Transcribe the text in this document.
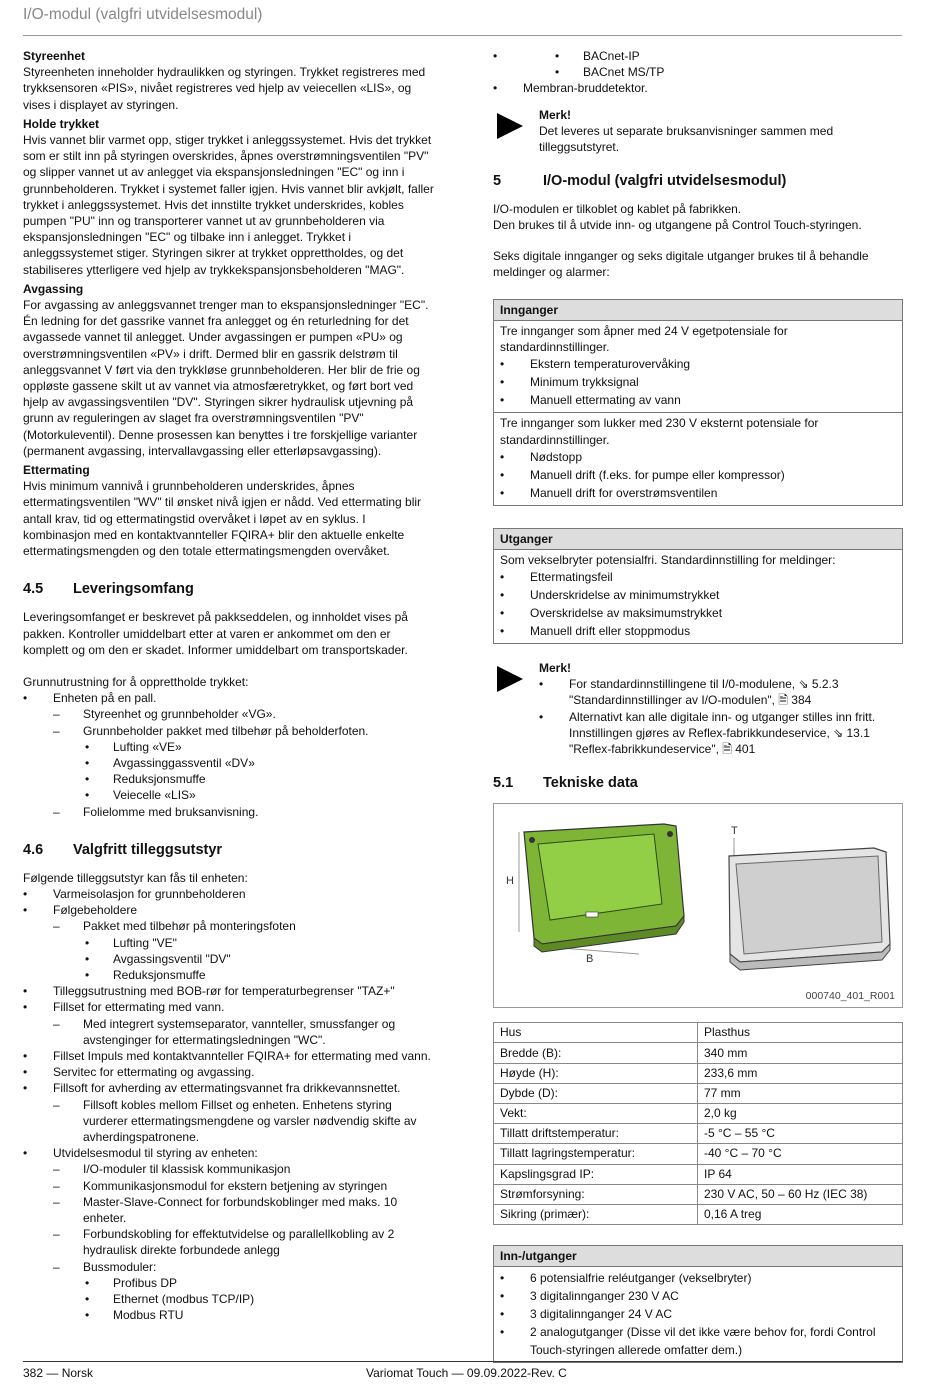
I/O-modul (valgfri utvidelsesmodul)
Styreenhet

Styreenheten inneholder hydraulikken og styringen. Trykket registreres med trykksensoren «PIS», nivået registreres ved hjelp av veiecellen «LIS», og vises i displayet av styringen.

Holde trykket

Hvis vannet blir varmet opp, stiger trykket i anleggssystemet. Hvis det trykket som er stilt inn på styringen overskrides, åpnes overstrømningsventilen "PV" og slipper vannet ut av anlegget via ekspansjonsledningen "EC" og inn i grunnbeholderen. Trykket i systemet faller igjen. Hvis vannet blir avkjølt, faller trykket i anleggssystemet. Hvis det innstilte trykket underskrides, kobles pumpen "PU" inn og transporterer vannet ut av grunnbeholderen via ekspansjonsledningen "EC" og tilbake inn i anlegget. Trykket i anleggssystemet stiger. Styringen sikrer at trykket opprettholdes, og det stabiliseres ytterligere ved hjelp av trykkekspansjonsbeholderen "MAG".

Avgassing

For avgassing av anleggsvannet trenger man to ekspansjonsledninger "EC". Én ledning for det gassrike vannet fra anlegget og én returledning for det avgassede vannet til anlegget. Under avgassingen er pumpen «PU» og overstrømningsventilen «PV» i drift. Dermed blir en gassrik delstrøm til anleggsvannet V ført via den trykkløse grunnbeholderen. Her blir de frie og oppløste gassene skilt ut av vannet via atmosfæretrykket, og ført bort ved hjelp av avgassingsventilen "DV". Styringen sikrer hydraulisk utjevning på grunn av reguleringen av slaget fra overstrømningsventilen "PV" (Motorkuleventil). Denne prosessen kan benyttes i tre forskjellige varianter (permanent avgassing, intervallavgassing eller etterløpsavgassing).

Ettermating

Hvis minimum vannivå i grunnbeholderen underskrides, åpnes ettermatingsventilen "WV" til ønsket nivå igjen er nådd. Ved ettermating blir antall krav, tid og ettermatingstid overvåket i løpet av en syklus. I kombinasjon med en kontaktvannteller FQIRA+ blir den aktuelle enkelte ettermatingsmengden og den totale ettermatingsmengden overvåket.

4.5	Leveringsomfang

Leveringsomfanget er beskrevet på pakkseddelen, og innholdet vises på pakken. Kontroller umiddelbart etter at varen er ankommet om den er komplett og om den er skadet. Informer umiddelbart om transportskader.

Grunnutrustning for å opprettholde trykket:

• Enheten på en pall.
– Styreenhet og grunnbeholder «VG».
– Grunnbeholder pakket med tilbehør på beholderfoten.
• Lufting «VE»
• Avgassinggassventil «DV»
• Reduksjonsmuffe
• Veiecelle «LIS»
– Folielomme med bruksanvisning.
4.6	Valgfritt tilleggsutstyr

Følgende tilleggsutstyr kan fås til enheten:

• Varmeisolasjon for grunnbeholderen
• Følgebeholdere
– Pakket med tilbehør på monteringsfoten
• Lufting "VE"
• Avgassingsventil "DV"
• Reduksjonsmuffe
• Tilleggsutrustning med BOB-rør for temperaturbegrenser "TAZ+"
• Fillset for ettermating med vann.
– Med integrert systemseparator, vannteller, smussfanger og avstenginger for ettermatingsledningen "WC".
• Fillset Impuls med kontaktvannteller FQIRA+ for ettermating med vann.
• Servitec for ettermating og avgassing.
• Fillsoft for avherding av ettermatingsvannet fra drikkevannsnettet.
– Fillsoft kobles mellom Fillset og enheten. Enhetens styring vurderer ettermatingsmengdene og varsler nødvendig skifte av avherdingspatronene.
• Utvidelsesmodul til styring av enheten:
– I/O-moduler til klassisk kommunikasjon
– Kommunikasjonsmodul for ekstern betjening av styringen
– Master-Slave-Connect for forbundskoblinger med maks. 10 enheter.
– Forbundskobling for effektutvidelse og parallellkobling av 2 hydraulisk direkte forbundede anlegg
– Bussmoduler:
• Profibus DP
• Ethernet (modbus TCP/IP)
• Modbus RTU
• • BACnet-IP
• BACnet MS/TP
• Membran-bruddetektor.
Merk!

Det leveres ut separate bruksanvisninger sammen med tilleggsutstyret.

5	I/O-modul (valgfri utvidelsesmodul)

I/O-modulen er tilkoblet og kablet på fabrikken.

Den brukes til å utvide inn- og utgangene på Control Touch-styringen.

Seks digitale innganger og seks digitale utganger brukes til å behandle meldinger og alarmer:

Innganger

Tre innganger som åpner med 24 V egetpotensiale for standardinnstillinger.

• Ekstern temperaturovervåking
• Minimum trykksignal
• Manuell ettermating av vann

Tre innganger som lukker med 230 V eksternt potensiale for standardinnstillinger.

• Nødstopp
• Manuell drift (f.eks. for pumpe eller kompressor)
• Manuell drift for overstrømsventilen
Utganger

Som vekselbryter potensialfri. Standardinnstilling for meldinger:

• Ettermatingsfeil
• Underskridelse av minimumstrykket
• Overskridelse av maksimumstrykket
• Manuell drift eller stoppmodus
Merk!
• For standardinnstillingene til I/0-modulene, ⇘ 5.2.3 "Standardinnstillinger av I/O-modulen", 🗎 384
• Alternativt kan alle digitale inn- og utganger stilles inn fritt. Innstillingen gjøres av Reflex-fabrikkundeservice, ⇘ 13.1 "Reflex-fabrikkundeservice", 🗎 401
5.1	Tekniske data
H
B
T
000740_401_R001
Hus	Plasthus
Bredde (B):	340 mm
Høyde (H):	233,6 mm
Dybde (D):	77 mm
Vekt:	2,0 kg
Tillatt driftstemperatur:	-5 °C – 55 °C
Tillatt lagringstemperatur:	-40 °C – 70 °C
Kapslingsgrad IP:	IP 64
Strømforsyning:	230 V AC, 50 – 60 Hz (IEC 38)
Sikring (primær):	0,16 A treg
Inn-/utganger
• 6 potensialfrie reléutganger (vekselbryter)
• 3 digitalinnganger 230 V AC
• 3 digitalinnganger 24 V AC
• 2 analogutganger (Disse vil det ikke være behov for, fordi Control Touch-styringen allerede omfatter dem.)
382 — Norsk	Variomat Touch — 09.09.2022-Rev. C
